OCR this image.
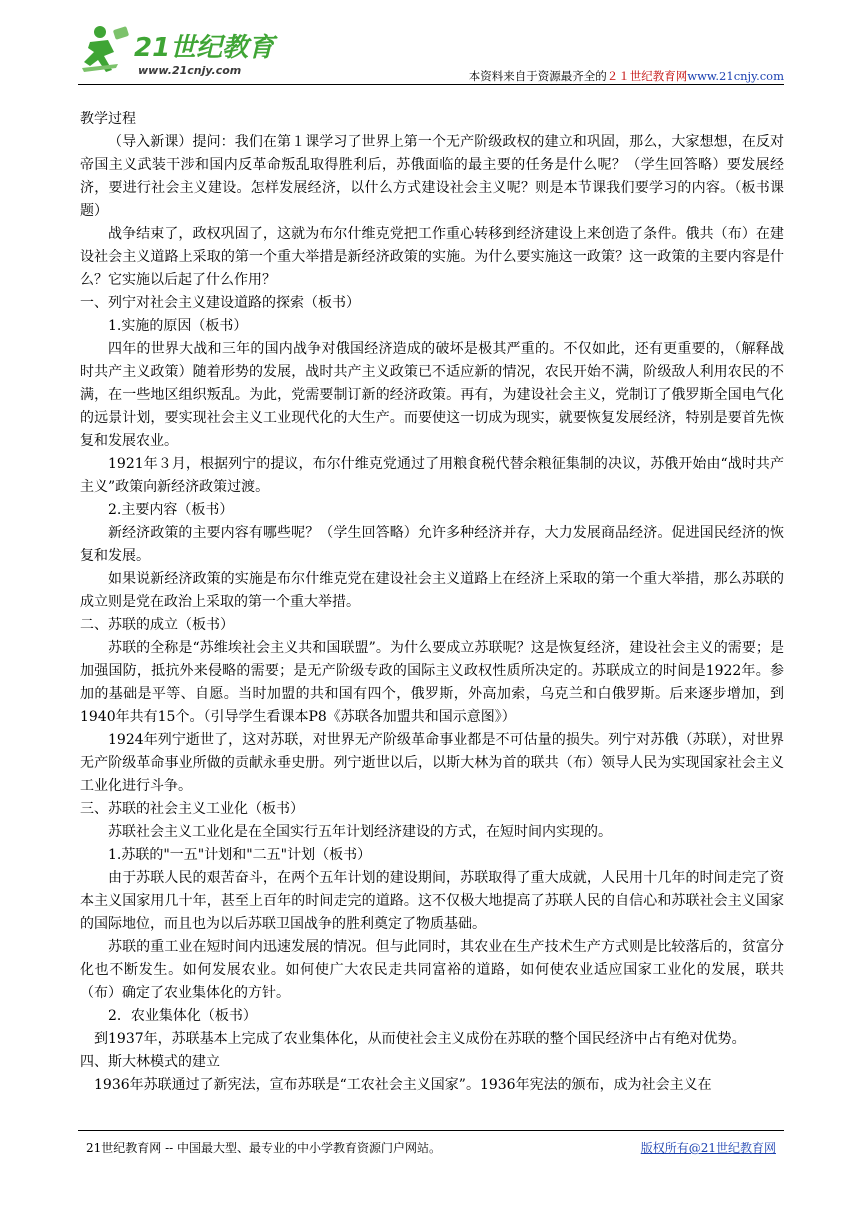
21世纪教育
www.21cnjy.com	本资料来自于资源最齐全的２１世纪教育网www.21cnjy.com

教学过程

（导入新课）提问：我们在第１课学习了世界上第一个无产阶级政权的建立和巩固，那么，大家想想，在反对帝国主义武装干涉和国内反革命叛乱取得胜利后，苏俄面临的最主要的任务是什么呢？（学生回答略）要发展经济，要进行社会主义建设。怎样发展经济，以什么方式建设社会主义呢？则是本节课我们要学习的内容。（板书课题）

战争结束了，政权巩固了，这就为布尔什维克党把工作重心转移到经济建设上来创造了条件。俄共（布）在建设社会主义道路上采取的第一个重大举措是新经济政策的实施。为什么要实施这一政策？这一政策的主要内容是什么？它实施以后起了什么作用？

一、列宁对社会主义建设道路的探索（板书）

1.实施的原因（板书）

四年的世界大战和三年的国内战争对俄国经济造成的破坏是极其严重的。不仅如此，还有更重要的，（解释战时共产主义政策）随着形势的发展，战时共产主义政策已不适应新的情况，农民开始不满，阶级敌人利用农民的不满，在一些地区组织叛乱。为此，党需要制订新的经济政策。再有，为建设社会主义，党制订了俄罗斯全国电气化的远景计划，要实现社会主义工业现代化的大生产。而要使这一切成为现实，就要恢复发展经济，特别是要首先恢复和发展农业。

1921年３月，根据列宁的提议，布尔什维克党通过了用粮食税代替余粮征集制的决议，苏俄开始由“战时共产主义”政策向新经济政策过渡。

2.主要内容（板书）

新经济政策的主要内容有哪些呢？（学生回答略）允许多种经济并存，大力发展商品经济。促进国民经济的恢复和发展。

如果说新经济政策的实施是布尔什维克党在建设社会主义道路上在经济上采取的第一个重大举措，那么苏联的成立则是党在政治上采取的第一个重大举措。

二、苏联的成立（板书）

苏联的全称是“苏维埃社会主义共和国联盟”。为什么要成立苏联呢？这是恢复经济，建设社会主义的需要；是加强国防，抵抗外来侵略的需要；是无产阶级专政的国际主义政权性质所决定的。苏联成立的时间是1922年。参加的基础是平等、自愿。当时加盟的共和国有四个，俄罗斯，外高加索，乌克兰和白俄罗斯。后来逐步增加，到1940年共有15个。（引导学生看课本P8《苏联各加盟共和国示意图》）

1924年列宁逝世了，这对苏联，对世界无产阶级革命事业都是不可估量的损失。列宁对苏俄（苏联），对世界无产阶级革命事业所做的贡献永垂史册。列宁逝世以后，以斯大林为首的联共（布）领导人民为实现国家社会主义工业化进行斗争。

三、苏联的社会主义工业化（板书）

苏联社会主义工业化是在全国实行五年计划经济建设的方式，在短时间内实现的。

1.苏联的"一五"计划和"二五"计划（板书）

由于苏联人民的艰苦奋斗，在两个五年计划的建设期间，苏联取得了重大成就，人民用十几年的时间走完了资本主义国家用几十年，甚至上百年的时间走完的道路。这不仅极大地提高了苏联人民的自信心和苏联社会主义国家的国际地位，而且也为以后苏联卫国战争的胜利奠定了物质基础。

苏联的重工业在短时间内迅速发展的情况。但与此同时，其农业在生产技术生产方式则是比较落后的，贫富分化也不断发生。如何发展农业。如何使广大农民走共同富裕的道路，如何使农业适应国家工业化的发展，联共（布）确定了农业集体化的方针。

2．农业集体化（板书）

到1937年，苏联基本上完成了农业集体化，从而使社会主义成份在苏联的整个国民经济中占有绝对优势。

四、斯大林模式的建立

1936年苏联通过了新宪法，宣布苏联是“工农社会主义国家”。1936年宪法的颁布，成为社会主义在

21世纪教育网 -- 中国最大型、最专业的中小学教育资源门户网站。	版权所有@21世纪教育网
